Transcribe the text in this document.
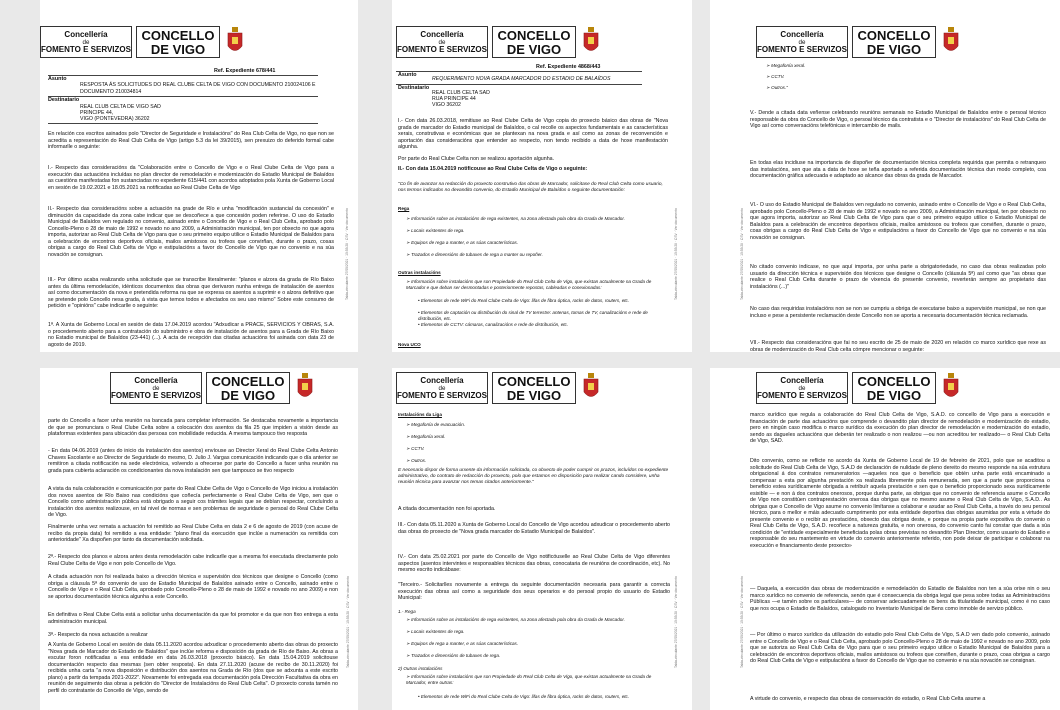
Concellería
de
FOMENTO E SERVIZOS
CONCELLO
DE VIGO
Ref. Expediente 678/441
Asunto
RESPOSTA ÁS SOLICITUDES DO REAL CLUBE CELTA DE VIGO CON DOCUMENTO 210024106 E DOCUMENTO 210034814
Destinatario
REAL CLUB CELTA DE VIGO SAD
PRINCIPE 44,
VIGO (PONTEVEDRA) 36202
En relación cos escritos asinados polo "Director de Seguridade e Instalacións" do Rea Club Celta de Vigo, no que non se acredita a representación do Real Club Celta de Vigo (artigo 5.3 da lei 39/2015), sen prexuizo do deferido formal cabe informarlle o seguinte:
I.- Respecto das consideracións da "Colaboración entre o Concello de Vigo e o Real Clube Celta de Vigo para a execución das actuacións incluídas no plan director de remodelación e modernización do Estadio Municipal de Balaídos as cuestións manifestadas fon sustanciadas no expediente 615/441 con acordos adoptados pola Xunta de Goberno Local en sesión de 19.02.2021 e 18.05.2021 xa notificadas ao Real Clube Celta de Vigo
II.- Respecto das consideracións sobre a actuación na grade de Río e unha "modificación sustancial da concesión" e diminución da capacidade da zona cabe indicar que se descoñece a que concesión poden referirse. O uso do Estadio Municipal de Balaídos ven regulado no convenio, asinado entre o Concello de Vigo e o Real Club Celta, aprobado polo Concello-Pleno o 28 de maio de 1992 e novado no ano 2009, a Administración municipal, ten por obxecto no que agora importa, autorizar ao Real Club Celta de Vigo para que o seu primeiro equipo utilice o Estadio Municipal de Balaídos para a celebración de encontros deportivos oficiais, mailos amistosos ou trofeos que convirñan, durante o prazo, cosas obrigas a cargo do Real Club Celta de Vigo e estipulacións a favor do Concello de Vigo que no convenio e na súa novación se consignan.
III.- Por último acaba realizando unha solicitude que se transcribe literalmente: "planos e alzora da grada de Río Baixo antes da última remodelación, idénticos documentos das obras que derivaron nunha entrega de instalación de asentos así como documentación da nova e pretendida reforma na que se expresa os asentos a suprimir e o alzora definitivo que se pretende polo Concello nesa grada, á vista que temos todos e afectados os seu uso mismo" Sobre este consumo de petición e "opinións" cabe indicarlle o seguinte:
1ª. A Xunta de Goberno Local en sesión de data 17.04.2019 acordou "Adxudicar a PRACE, SERVICIOS Y OBRAS, S.A. o procedemento aberto para a contratación do subministro e obra de instalación de asentos para a Grada de Río Baixo no Estadio municipal de Balaídos (23-441) (...). A acta de recepción das citadas actuacións foi asinada con data 23 de agosto de 2019.
Tabla-vinculante 27/05/2021 · 10:55:28 · CSV · Ver documento
Concellería
de
FOMENTO E SERVIZOS
CONCELLO
DE VIGO
Ref. Expediente 4868/443
Asunto
REQUERIMENTO NOVA GRADA MARCADOR DO ESTADIO DE BALAÍDOS
Destinatario
REAL CLUB CELTA SAD
RUA PRINCIPE 44
VIGO 36202
I.- Con data 26.03.2018, remitiuse ao Real Clube Celta de Vigo copia do proxecto básico das obras de "Nova grada de marcador do Estadio municipal de Balaídos, o cal recolle os aspectos fundamentais e as características xerais, construtivas e económicas que se plantexan na nova grada e así como as zonas de reconvención e aportación das consideracións que entender ao respecto, non tendo recibido a data de hoxe manifestación algunha.
Por parte do Real Clube Celta non se realizou aportación algunha.
II.- Con data 15.04.2019 notificouse ao Real Clube Celta de Vigo o seguinte:
"Co fin de avanzar na redacción do proxecto construtivo das obras de Marcador, solicitase do Real Club Celta como usuario, nos termos indicados no devandito convenio, do Estadio Municipal de Balaídos o seguinte documentación:
Rega
➢ Información sobre as instalacións de rega existentes, na zona afectada pola obra da Grada de Marcador.
➢ Locais existentes de rega.
➢ Equipos de rega a manter, e as súas características.
➢ Trazados e dimensións de tubaxes de rega a manter ou repoñer.
Outras instalacións
➢ Información sobre instalacións que son Propiedade do Real Club Celta de Vigo, que existan actualmente na Grada de Marcador e que deban ser desmontadas e posteriormente repostas, cableadas e conexionadas:
• Elementos de rede WiFi do Real Clube Celta de Vigo: lifas de fibra óptica, racks de datos, routers, etc.
• Elementos de captación ou distribución do sinal de TV terrestre: antenas, tomas de TV, canalizacións e rede de distribución, etc.
• Elementos de CCTV: cámaras, canalizacións e rede de distribución, etc.
Nova UCO
Tabla-vinculante 27/05/2021 · 10:55:28 · CSV · Ver documento
Concellería
de
FOMENTO E SERVIZOS
CONCELLO
DE VIGO
➢ Megafonía xeral.
➢ CCTV.
➢ Outros."
V.- Dende a citada data veñense celebrando reunións semanais no Estadio Municipal de Balaídos entre o persoal técnico responsable da obra do Concello de Vigo, o persoal técnico da contratista e o "Director de instalacións" do Real Club Celta de Vigo así como conversacións telefónicas e intercambio de mails.
En todas elas incidiuse na importancia de dispoñer de documentación técnica completa requirida que permita o retranqueo das instalacións, sen que ata a data de hoxe se teña aportado a referida documentación técnica dun modo completo, coa documentación gráfica adecuada e adaptado ao alcance das obras da grada de Marcador.
VI.- O uso do Estadio Municipal de Balaídos ven regulado no convenio, asinado entre o Concello de Vigo e o Real Club Celta, aprobado polo Concello-Pleno o 28 de maio de 1992 e novado no ano 2009, a Administración municipal, ten por obxecto no que agora importa, autorizar ao Real Club Celta de Vigo para que o seu primeiro equipo utilice o Estadio Municipal de Balaídos para a celebración de encontros deportivos oficiais, mailos amistosos ou trofeos que conviñen, durante o prazo, coas obrigas a cargo do Real Club Celta de Vigo e estipulacións a favor do Concello de Vigo que no convenio e na súa novación se consignan.
No citado convenio indicase, no que aquí importa, por unha parte a obrigatoriedade, no caso das obras realizadas polo usuario da dirección técnica e supervisión dos técnicos que designe o Concello (cláusula 5ª) así como que "as obras que realice o Real Club Celta durante o prazo de vixencia do presente convenio, reverterán sempre ao propietario das instalacións (...)"
No caso das requiridas instalacións non se non se cumpriu a obriga de executarse baixo a supervisión municipal, se non que incluso e pese a persistente reclamación deste Concello non se aporta a necesaria documentación técnica reclamada.
VII.- Respecto das consideracións que fai no seu escrito de 25 de maio de 2020 en relación co marco xurídico que rexe as obras de modernización do Real Club celta cómpre mencionar o seguinte:
Tabla-vinculante 27/05/2021 · 10:55:28 · CSV · Ver documento
Concellería
de
FOMENTO E SERVIZOS
CONCELLO
DE VIGO
parte do Concello a facer unha reunión na bancada para completar información. Se destacaba novamente a importancia de que se pronunciara o Real Clube Celta sobre a colocación dos asentos da fila 25 que impiden a visión desde as plataformas existentes para ubicación das persoas con mobilidade reducida. A mesma tampouco tivo resposta
- En data 04.06.2019 (antes do inicio da instalación dos asentos) envíouse ao Director Xeral do Real Clube Celta Antonio Chaves Escolante e ao Director de Seguridade do mesmo, D. Julio J. Vargas comunicación indicando que o día anterior se remitiron a citada notificación na sede electrónica, volvendo a ofrecerse por parte do Concello a facer unha reunión na grada para cubierta aclaración os condicionantes da nova instalación sen que tampouco se tivo respecto
A vista da nula colaboración e comunicación por parte do Real Clube Celta de Vigo o Concello de Vigo iniciou a instalación dos novos asentos de Río Baixo nas condicións que coñecía perfectamente o Real Clube Celta de Vigo, sen que o Concello como administración pública está obrigado a seguir cos trámites legais que se debían respectar, concluíndo a instalación dos asentos realizouse, en tal nivel de normas e sen problemas de seguridade o persoal do Real Clube Celta de Vigo.
Finalmente unha vez remata a actuación foi remitido ao Real Clube Celta en data 2 e 6 de agosto de 2019 (con acuse de recibo da propia data) foi remitido a esa entidade: "plano final da execución que inclúe a numeración xa remitida con anterioridade" Xa dispoñen por tanto da documentación solicitada.
2ª.- Respecto dos planos e alzora antes desta remodelación cabe indicarlle que a mesma foi executada directamente polo Real Clube Celta de Vigo e non polo Concello de Vigo.
A citada actuación non foi realizada baixo a dirección técnica e supervisión dos técnicos que designe o Concello (como obriga a cláusula 5ª do convenio de uso de Estadio Municipal de Balaídos asinado entre o Concello, asinado entre o Concello de Vigo e o Real Club Celta, aprobado polo Concello-Pleno o 28 de maio de 1992 e novado no ano 2009) e non se aportou documentación técnica algunha a este Concello.
En definitiva o Real Clube Celta está a solicitar unha documentación da que foi promotor e da que non fixo entrega a esta administración municipal.
3ª.- Respecto da nova actuación a realizar
A Xunta de Goberno Local en sesión de data 05.11.2020 acordou adxudicar o procedemento aberto das obras do proxecto "Nova grada de Marcador do Estadio de Balaídos" que inclúe reforma e disposición da grada de Río de Baixo. As obras a escutar foron notificadas a esa entidade en data 26.03.2018 (proxecto básico). En data 15.04.2019 solicitouse documentación respecto das mesmas (sen obter resposta). En data 27.11.2020 (acuse de recibo de 30.11.2020) foi recibida unha carta "a nova disposición e distribución dos asentos na Grada de Río (dos que se adxunta a este escrito plano) a partir da tempada 2021-2022". Novamente foi entregada esa documentación pola Dirección Facultativa da obra en reunión de seguimento das obras a petición do "Director de Instalacións do Real Club Celta". O proxecto consta tamén no perfil do contratante do Concello de Vigo, sendo de
Tabla-vinculante 27/05/2021 · 10:55:28 · CSV · Ver documento
Concellería
de
FOMENTO E SERVIZOS
CONCELLO
DE VIGO
Instalacións da Liga
➢ Megafonía de evacuación.
➢ Megafonía xeral.
➢ CCTV.
➢ Outros.
E necesario dispor de forma urxente da información solicitada, co obxecto de poder cumprir os prazos, incluídos no expediente administrativo, do contrato de redacción do proxecto, polo que estamos en disposición para realizar cando considere, unha reunión técnica para avanzar nos temas citados anteriormente."
A citada documentación non foi aportada.
III.- Con data 05.11.2020 a Xunta de Goberno Local do Concello de Vigo acordou adxudicar o procedemento aberto das obras do proxecto de "Nova grada marcador do Estadio Municipal de Balaídos".
IV.- Con data 25.02.2021 por parte do Concello de Vigo notificóuselle ao Real Clube Celta de Vigo diferentes aspectos (asentos intervintes e responsables técnicos das obras, conocataria de reunións de coordinación, etc). No mesmo escrito indicábase:
"Terceiro.- Solicitarlles novamente a entrega da seguinte documentación necesaria para garantir a correcta execución das obras así como a seguridade dos seus operarios e do persoal propio do usuario do Estadio Municipal:
1.- Rega
➢ Información sobre as instalacións de rega existentes, na zona afectada pola obra da Grada de Marcador.
➢ Locais existentes de rega.
➢ Equipos de rega a manter, e as súas características.
➢ Trazados e dimensións de tubaxes de rega.
2) Outras instalacións
➢ Información sobre instalacións que son Propiedade do Real Club Celta de Vigo, que existan actualmente na Grada de Marcador, entre outras:
• Elementos de rede WiFi do Real Clube Celta de Vigo: lifas de fibra óptica, racks de datos, routers, etc.
Tabla-vinculante 27/05/2021 · 10:55:28 · CSV · Ver documento
Concellería
de
FOMENTO E SERVIZOS
CONCELLO
DE VIGO
marco xurídico que regula a colaboración do Real Club Celta de Vigo, S.A.D. co concello de Vigo para a execución e financiación de parte das actuacións que comprende o devandito plan director de remodelación e modernización do estadio, pero en ningún caso modifica o marco xurídico da execución do plan director de remodelación e modernización do estadio, sendo as dagueles actuacións que deberán ter realizado o non realizou —ou non acreditou ter realizado— o Real Club Celta de Vigo, SAD.
Dito convenio, como se reflicte no acordo da Xunta de Goberno Local de 19 de febreiro de 2021, polo que se acaditou a solicitude do Real Club Celta de Vigo, S.A.D de declaración de nulidade de pleno dereito do mesmo responde na súa estrutura obrigacional á dos contratos remuneratorios —aqueles nos que o beneficio que obtén unha parte está encaminado a compensar a esta por algunha prestación xa realizada libremente pola remunerada, sen que a parte que proporciona o beneficio estea xurídicamente obrigada a retribuír aquela prestación e sen que o beneficio proporcionado sexa xurídicamente esixible — e non á dos contratos onerosos, porque dunha parte, as obrigas que no convenio de referencia asume o Concello de Vigo non constitúen contraprestación onerosa das obrigas que no mesmo asume o Real Club Celta de Vigo, S.A.D.. As obrigas que o Concello de Vigo asume no convenio limítanse a colaborar e axudar ao Real Club Celta, a través do seu persoal técnico, para o mellor e máis adecuado cumprimento por esta entidade deportiva das obrigas asumidas por esta a virtude do presente convenio e o recibir as prestacións, obxecto das obrigas deste, e porque na propia parte expositiva do convenio o Real Club Celta de Vigo, S.A.D. recoñece a natureza gratuíta, e non onerosa, do convenio canto fai constar que dada a súa condición de "entidade especialmente beneficiada polas obras previstas no devandito Plan Director, como usuario do Estadio e responsable do seu mantemento en virtude do convenio anteriormente referido, non pode deixar de participar e colaborar na execución e financiamento deste proxecto»
— Daquela, a execución das obras de modernización e remodelación do Estadio de Balaídos non ten a súa orixe nin o seu marco xurídico no convenio de referencia, senón que é consecuencia da obriga legal que pesa sobre todas as Administracións Públicas —e tamén sobre os particulares— de conservar adecuadamente os bens da titularidade municipal, como é no caso que nos ocupa o Estadio de Balaídos, catalogado no Inventario Municipal de Bens como inmoble de servizo público.
— Por último o marco xurídico da utilización do estadio polo Real Club Celta de Vigo, S.A.D ven dado polo convenio, asinado entre o Concello de Vigo e o Real Club Celta, aprobado polo Concello-Pleno o 28 de maio de 1992 e novado no ano 2009, polo que se autoriza ao Real Club Celta de Vigo para que o seu primeiro equipo utilice o Estadio Municipal de Balaídos para a celebración de encontros deportivos oficiais, mailos amistosos ou trofeos que conviñen, durante o prazo, coas obrigas a cargo do Real Club Celta de Vigo e estipulacións a favor do Concello de Vigo que no convenio e na súa novación se consignan.
A virtude do convenio, e respecto das obras de conservación do estadio, o Real Club Celta asume a
Tabla-vinculante 27/05/2021 · 10:55:28 · CSV · Ver documento
